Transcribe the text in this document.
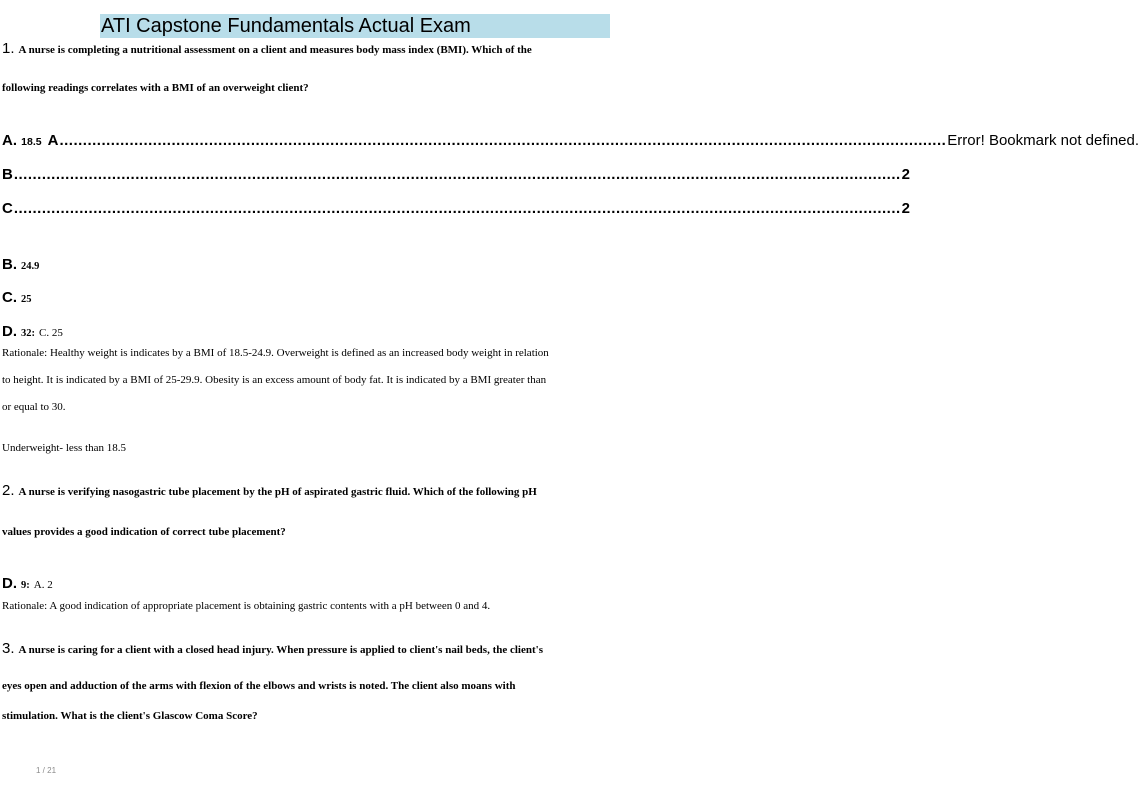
ATI Capstone Fundamentals Actual Exam
1. A nurse is completing a nutritional assessment on a client and measures body mass index (BMI). Which of the
following readings correlates with a BMI of an overweight client?
A. 18.5 A .............................................................................................................................................................................................. Error! Bookmark not defined.
B .............................................................................................................................................................................................. 2
C .............................................................................................................................................................................................. 2
B. 24.9
C. 25
D. 32: C. 25
Rationale: Healthy weight is indicates by a BMI of 18.5-24.9. Overweight is defined as an increased body weight in relation
to height. It is indicated by a BMI of 25-29.9. Obesity is an excess amount of body fat. It is indicated by a BMI greater than
or equal to 30.
Underweight- less than 18.5
2. A nurse is verifying nasogastric tube placement by the pH of aspirated gastric fluid. Which of the following pH
values provides a good indication of correct tube placement?
D. 9: A. 2
Rationale: A good indication of appropriate placement is obtaining gastric contents with a pH between 0 and 4.
3. A nurse is caring for a client with a closed head injury. When pressure is applied to client's nail beds, the client's
eyes open and adduction of the arms with flexion of the elbows and wrists is noted. The client also moans with
stimulation. What is the client's Glascow Coma Score?
1 / 21
